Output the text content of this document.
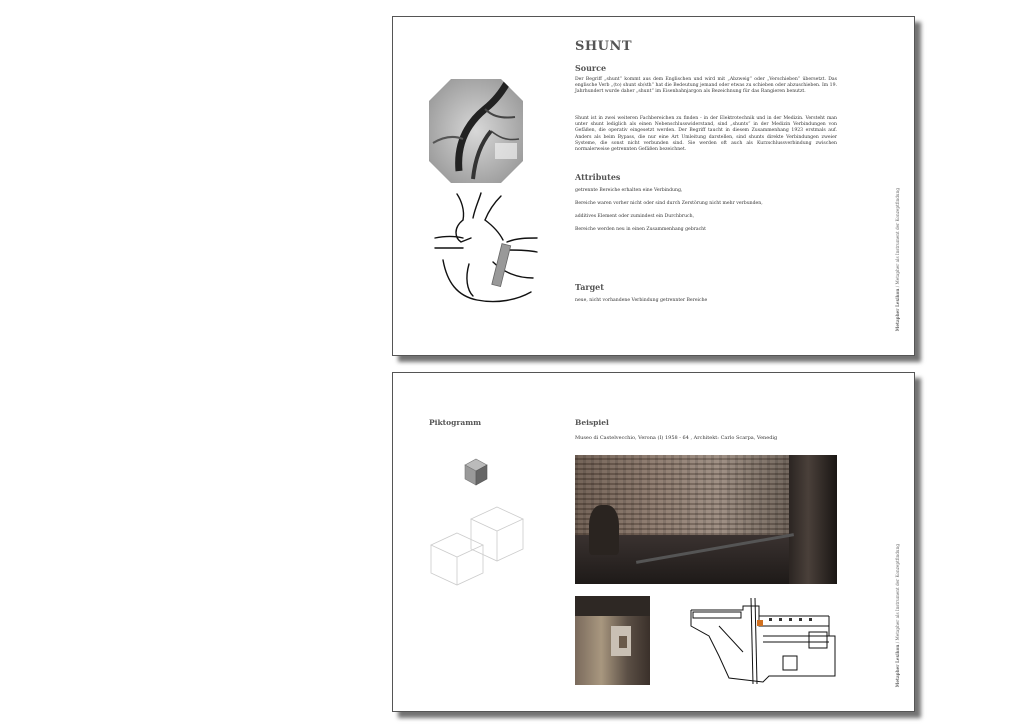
SHUNT
Source
Der Begriff „shunt“ kommt aus dem Englischen und wird mit „Abzweig“ oder „Verschieben“ übersetzt. Das englische Verb „(to) shunt sb/sth“ hat die Bedeutung jemand oder etwas zu schieben oder abzuschieben. Im 19. Jahrhundert wurde daher „shunt“ im Eisenbahnjargon als Bezeichnung für das Rangieren benutzt.
Shunt ist in zwei weiteren Fachbereichen zu finden - in der Elektrotechnik und in der Medizin. Versteht man unter shunt lediglich als einen Nebenschlusswiderstand, sind „shunts“ in der Medizin Verbindungen von Gefäßen, die operativ eingesetzt werden. Der Begriff taucht in diesem Zusammenhang 1923 erstmals auf. Anders als beim Bypass, die nur eine Art Umleitung darstellen, sind shunts direkte Verbindungen zweier Systeme, die sonst nicht verbunden sind. Sie werden oft auch als Kurzschlussverbindung zwischen normalerweise getrennten Gefäßen bezeichnet.
Attributes
getrennte Bereiche erhalten eine Verbindung,
Bereiche waren vorher nicht oder sind durch Zerstörung nicht mehr verbunden,
additives Element oder zumindest ein Durchbruch,
Bereiche werden neu in einen Zusammenhang gebracht
Target
neue, nicht vorhandene Verbindung getrennter Bereiche	Metapher Lexikon / Metapher als Instrument der Konzeptfindung
Piktogramm	Beispiel
Museo di Castelvecchio, Verona (I) 1958 - 64 , Architekt: Carlo Scarpa, Venedig
Metapher Lexikon / Metapher als Instrument der Konzeptfindung
